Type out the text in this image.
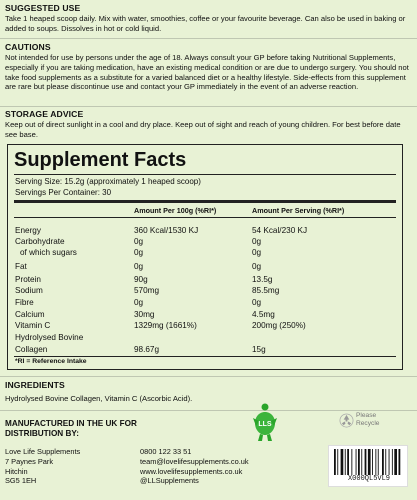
SUGGESTED USE
Take 1 heaped scoop daily. Mix with water, smoothies, coffee or your favourite beverage. Can also be used in baking or added to soups. Dissolves in hot or cold liquid.
CAUTIONS
Not intended for use by persons under the age of 18. Always consult your GP before taking Nutritional Supplements, especially if you are taking medication, have an existing medical condition or are due to undergo surgery. You should not take food supplements as a substitute for a varied balanced diet or a healthy lifestyle. Side-effects from this supplement are rare but please discontinue use and contact your GP immediately in the event of an adverse reaction.
STORAGE ADVICE
Keep out of direct sunlight in a cool and dry place. Keep out of sight and reach of young children. For best before date see base.
Supplement Facts
Serving Size: 15.2g (approximately 1 heaped scoop)
Servings Per Container: 30
Amount Per 100g (%RI*)	Amount Per Serving (%RI*)
Energy	360 Kcal/1530 KJ	54 Kcal/230 KJ
Carbohydrate	0g	0g
of which sugars	0g	0g
Fat	0g	0g
Protein	90g	13.5g
Sodium	570mg	85.5mg
Fibre	0g	0g
Calcium	30mg	4.5mg
Vitamin C	1329mg (1661%)	200mg (250%)
Hydrolysed Bovine
Collagen	98.67g	15g
*RI = Reference Intake
INGREDIENTS
Hydrolysed Bovine Collagen, Vitamin C (Ascorbic Acid).
MANUFACTURED IN THE UK FOR
DISTRIBUTION BY:
Love Life Supplements
7 Paynes Park
Hitchin
SG5 1EH
0800 122 33 51
team@lovelifesupplements.co.uk
www.lovelifesupplements.co.uk
@LLSupplements
LLS
Please
Recycle
X000QL5VL9
